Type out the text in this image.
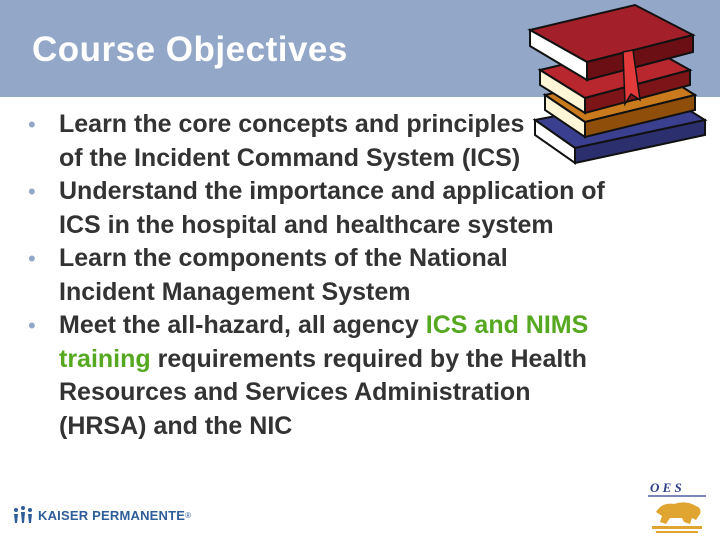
Course Objectives
• Learn the core concepts and principles
of the Incident Command System (ICS)
• Understand the importance and application of
ICS in the hospital and healthcare system
• Learn the components of the National
Incident Management System
• Meet the all-hazard, all agency ICS and NIMS
training requirements required by the Health
Resources and Services Administration
(HRSA) and the NIC
KAISER PERMANENTE ®
O E S
